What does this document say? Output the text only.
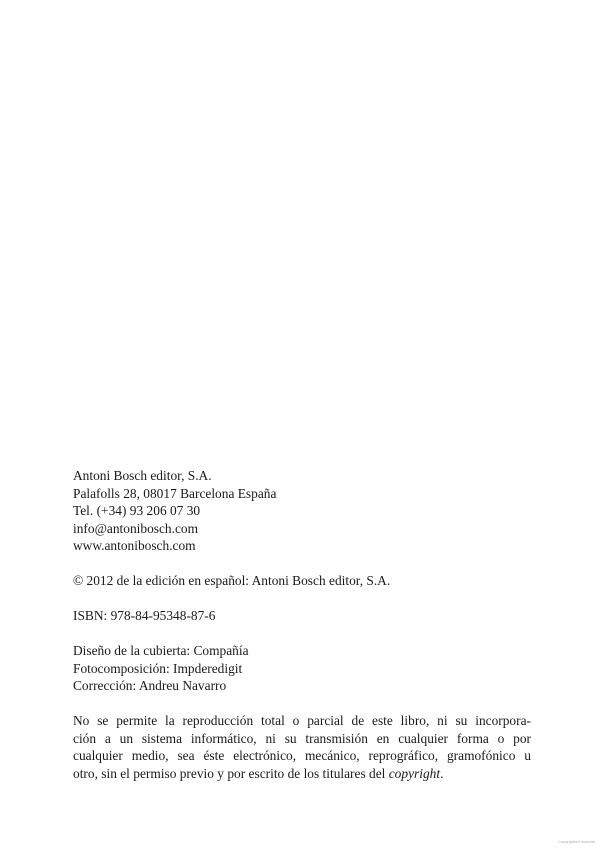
Antoni Bosch editor, S.A.
Palafolls 28, 08017 Barcelona España
Tel. (+34) 93 206 07 30
info@antonibosch.com
www.antonibosch.com
© 2012 de la edición en español: Antoni Bosch editor, S.A.
ISBN: 978-84-95348-87-6
Diseño de la cubierta: Compañía
Fotocomposición: Impderedigit
Corrección: Andreu Navarro
No se permite la reproducción total o parcial de este libro, ni su incorpora-
ción a un sistema informático, ni su transmisión en cualquier forma o por
cualquier medio, sea éste electrónico, mecánico, reprográfico, gramofónico u
otro, sin el permiso previo y por escrito de los titulares del copyright.
Copyrighted material
